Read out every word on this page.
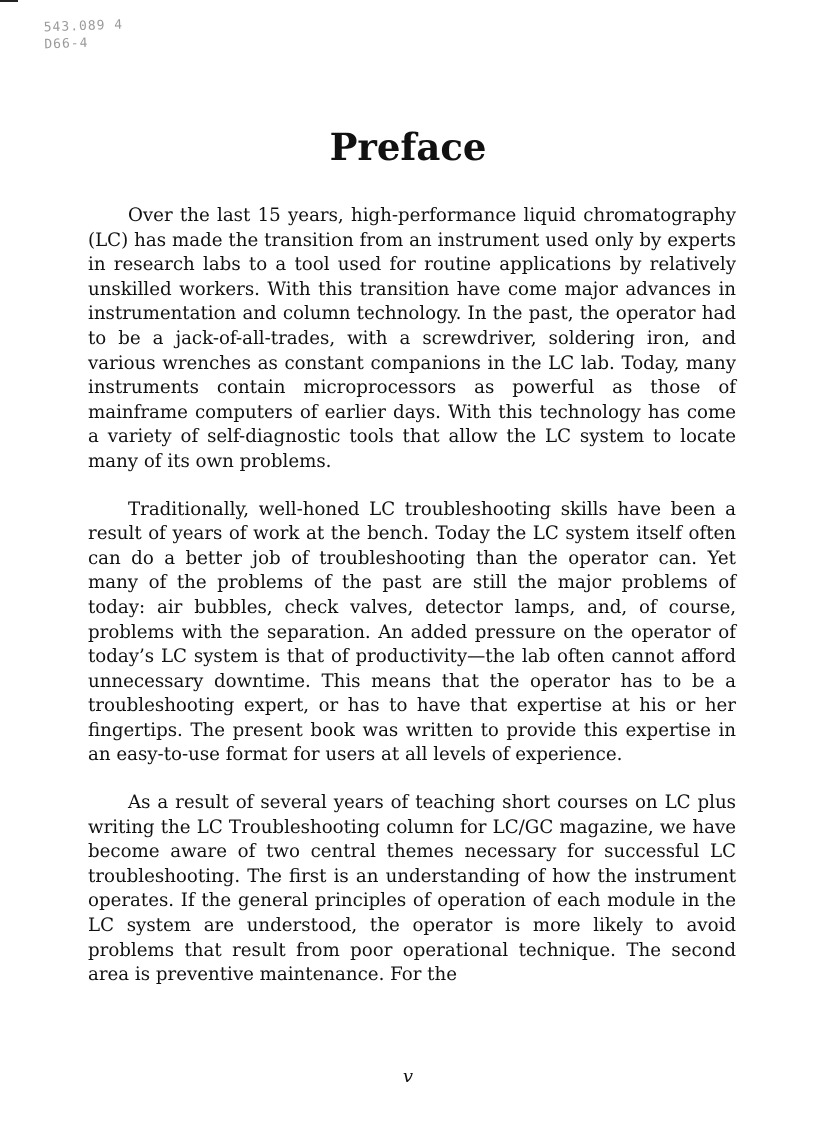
543.089 4
D66-4
Preface

Over the last 15 years, high-performance liquid chromatography (LC) has made the transition from an instrument used only by experts in research labs to a tool used for routine applications by relatively unskilled workers. With this transition have come major advances in instrumentation and column technology. In the past, the operator had to be a jack-of-all-trades, with a screwdriver, soldering iron, and various wrenches as constant companions in the LC lab. Today, many instruments contain microprocessors as powerful as those of mainframe computers of earlier days. With this technology has come a variety of self-diagnostic tools that allow the LC system to locate many of its own problems.

Traditionally, well-honed LC troubleshooting skills have been a result of years of work at the bench. Today the LC system itself often can do a better job of troubleshooting than the operator can. Yet many of the problems of the past are still the major problems of today: air bubbles, check valves, detector lamps, and, of course, problems with the separation. An added pressure on the operator of today’s LC system is that of productivity—the lab often cannot afford unnecessary downtime. This means that the operator has to be a troubleshooting expert, or has to have that expertise at his or her fingertips. The present book was written to provide this expertise in an easy-to-use format for users at all levels of experience.

As a result of several years of teaching short courses on LC plus writing the LC Troubleshooting column for LC/GC magazine, we have become aware of two central themes necessary for successful LC troubleshooting. The first is an understanding of how the instrument operates. If the general principles of operation of each module in the LC system are understood, the operator is more likely to avoid problems that result from poor operational technique. The second area is preventive maintenance. For the

v
